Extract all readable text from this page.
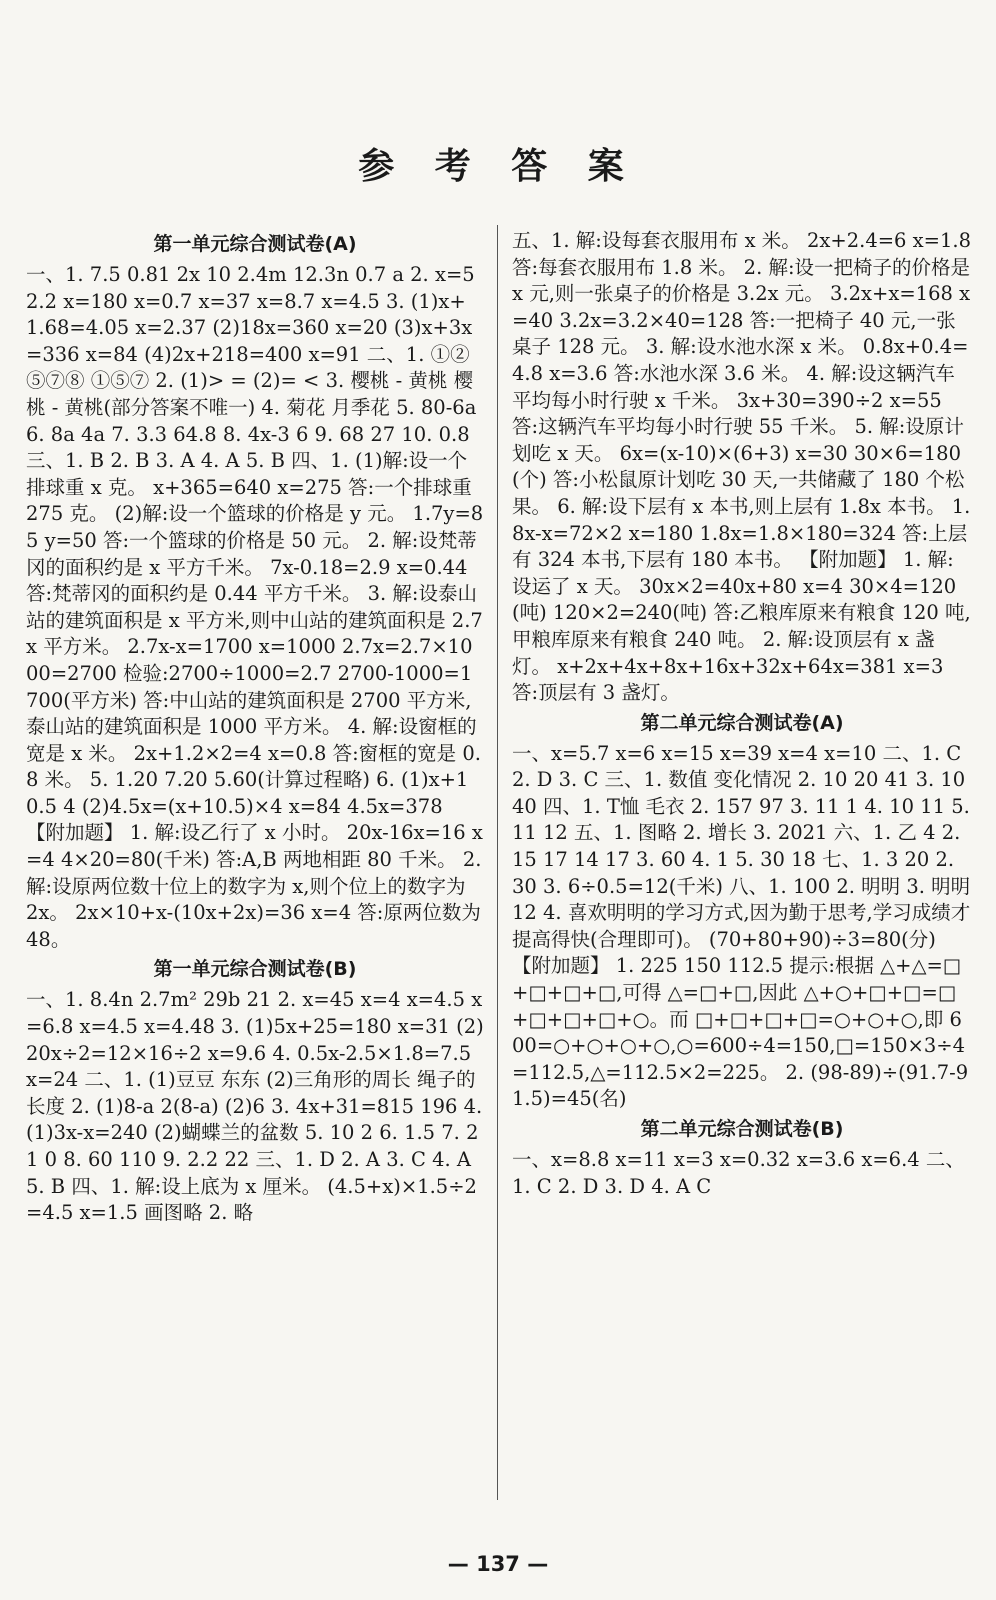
参 考 答 案
第一单元综合测试卷(A)

一、1. 7.5 0.81 2x 10 2.4m 12.3n 0.7 a 2. x=52.2 x=180 x=0.7 x=37 x=8.7 x=4.5 3. (1)x+1.68=4.05 x=2.37 (2)18x=360 x=20 (3)x+3x=336 x=84 (4)2x+218=400 x=91 二、1. ①②⑤⑦⑧ ①⑤⑦ 2. (1)> = (2)= < 3. 樱桃 - 黄桃 樱桃 - 黄桃(部分答案不唯一) 4. 菊花 月季花 5. 80-6a 6. 8a 4a 7. 3.3 64.8 8. 4x-3 6 9. 68 27 10. 0.8 三、1. B 2. B 3. A 4. A 5. B 四、1. (1)解:设一个排球重 x 克。 x+365=640 x=275 答:一个排球重 275 克。 (2)解:设一个篮球的价格是 y 元。 1.7y=85 y=50 答:一个篮球的价格是 50 元。 2. 解:设梵蒂冈的面积约是 x 平方千米。 7x-0.18=2.9 x=0.44 答:梵蒂冈的面积约是 0.44 平方千米。 3. 解:设泰山站的建筑面积是 x 平方米,则中山站的建筑面积是 2.7x 平方米。 2.7x-x=1700 x=1000 2.7x=2.7×1000=2700 检验:2700÷1000=2.7 2700-1000=1700(平方米) 答:中山站的建筑面积是 2700 平方米,泰山站的建筑面积是 1000 平方米。 4. 解:设窗框的宽是 x 米。 2x+1.2×2=4 x=0.8 答:窗框的宽是 0.8 米。 5. 1.20 7.20 5.60(计算过程略) 6. (1)x+10.5 4 (2)4.5x=(x+10.5)×4 x=84 4.5x=378 【附加题】 1. 解:设乙行了 x 小时。 20x-16x=16 x=4 4×20=80(千米) 答:A,B 两地相距 80 千米。 2. 解:设原两位数十位上的数字为 x,则个位上的数字为 2x。 2x×10+x-(10x+2x)=36 x=4 答:原两位数为 48。

第一单元综合测试卷(B)

一、1. 8.4n 2.7m² 29b 21 2. x=45 x=4 x=4.5 x=6.8 x=4.5 x=4.48 3. (1)5x+25=180 x=31 (2)20x÷2=12×16÷2 x=9.6 4. 0.5x-2.5×1.8=7.5 x=24 二、1. (1)豆豆 东东 (2)三角形的周长 绳子的长度 2. (1)8-a 2(8-a) (2)6 3. 4x+31=815 196 4. (1)3x-x=240 (2)蝴蝶兰的盆数 5. 10 2 6. 1.5 7. 21 0 8. 60 110 9. 2.2 22 三、1. D 2. A 3. C 4. A 5. B 四、1. 解:设上底为 x 厘米。 (4.5+x)×1.5÷2=4.5 x=1.5 画图略 2. 略

五、1. 解:设每套衣服用布 x 米。 2x+2.4=6 x=1.8 答:每套衣服用布 1.8 米。 2. 解:设一把椅子的价格是 x 元,则一张桌子的价格是 3.2x 元。 3.2x+x=168 x=40 3.2x=3.2×40=128 答:一把椅子 40 元,一张桌子 128 元。 3. 解:设水池水深 x 米。 0.8x+0.4=4.8 x=3.6 答:水池水深 3.6 米。 4. 解:设这辆汽车平均每小时行驶 x 千米。 3x+30=390÷2 x=55 答:这辆汽车平均每小时行驶 55 千米。 5. 解:设原计划吃 x 天。 6x=(x-10)×(6+3) x=30 30×6=180(个) 答:小松鼠原计划吃 30 天,一共储藏了 180 个松果。 6. 解:设下层有 x 本书,则上层有 1.8x 本书。 1.8x-x=72×2 x=180 1.8x=1.8×180=324 答:上层有 324 本书,下层有 180 本书。 【附加题】 1. 解:设运了 x 天。 30x×2=40x+80 x=4 30×4=120(吨) 120×2=240(吨) 答:乙粮库原来有粮食 120 吨,甲粮库原来有粮食 240 吨。 2. 解:设顶层有 x 盏灯。 x+2x+4x+8x+16x+32x+64x=381 x=3 答:顶层有 3 盏灯。

第二单元综合测试卷(A)

一、x=5.7 x=6 x=15 x=39 x=4 x=10 二、1. C 2. D 3. C 三、1. 数值 变化情况 2. 10 20 41 3. 10 40 四、1. T恤 毛衣 2. 157 97 3. 11 1 4. 10 11 5. 11 12 五、1. 图略 2. 增长 3. 2021 六、1. 乙 4 2. 15 17 14 17 3. 60 4. 1 5. 30 18 七、1. 3 20 2. 30 3. 6÷0.5=12(千米) 八、1. 100 2. 明明 3. 明明 12 4. 喜欢明明的学习方式,因为勤于思考,学习成绩才提高得快(合理即可)。 (70+80+90)÷3=80(分) 【附加题】 1. 225 150 112.5 提示:根据 △+△=□+□+□+□,可得 △=□+□,因此 △+○+□+□=□+□+□+□+○。而 □+□+□+□=○+○+○,即 600=○+○+○+○,○=600÷4=150,□=150×3÷4=112.5,△=112.5×2=225。 2. (98-89)÷(91.7-91.5)=45(名)

第二单元综合测试卷(B)

一、x=8.8 x=11 x=3 x=0.32 x=3.6 x=6.4 二、1. C 2. D 3. D 4. A C

— 137 —
